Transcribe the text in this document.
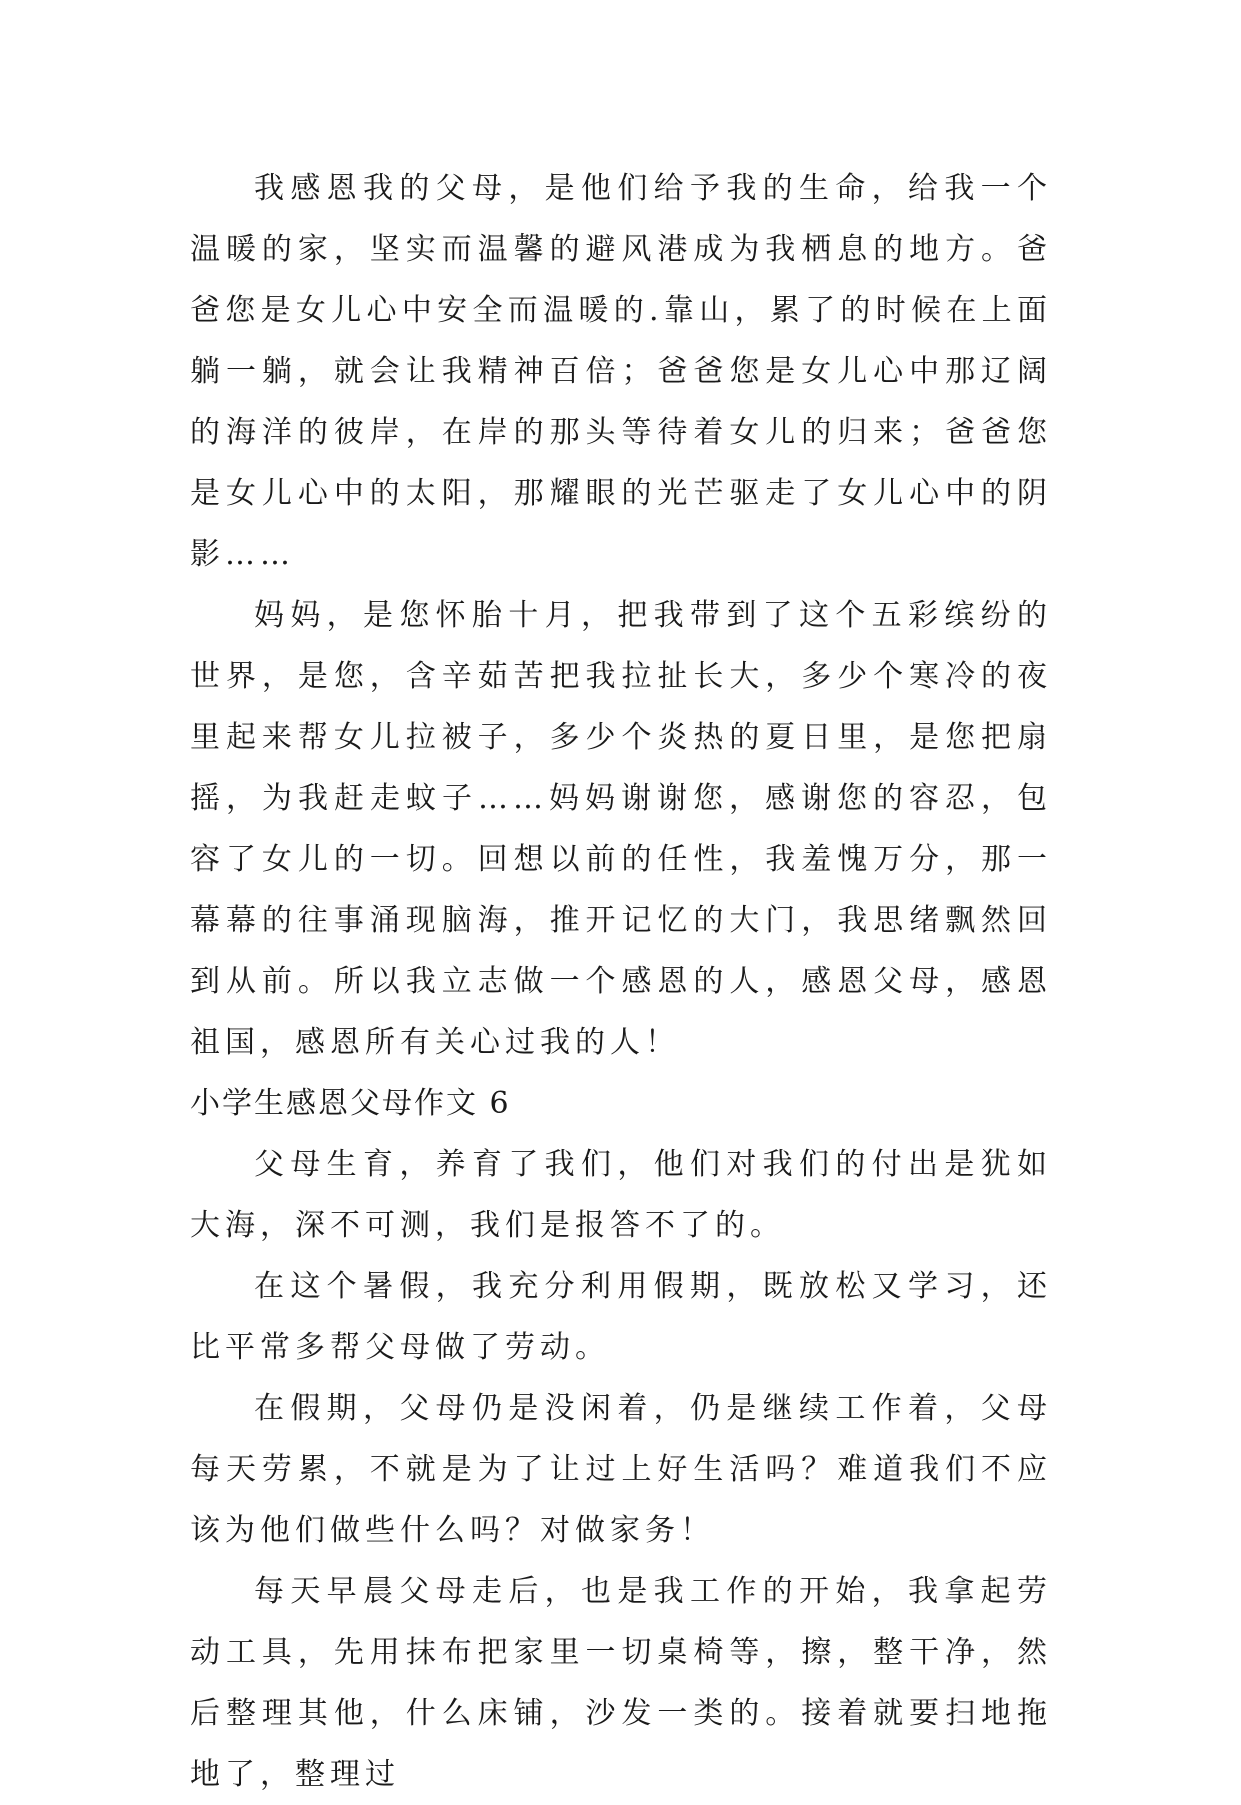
我感恩我的父母，是他们给予我的生命，给我一个温暖的家，坚实而温馨的避风港成为我栖息的地方。爸爸您是女儿心中安全而温暖的.靠山，累了的时候在上面躺一躺，就会让我精神百倍；爸爸您是女儿心中那辽阔的海洋的彼岸，在岸的那头等待着女儿的归来；爸爸您是女儿心中的太阳，那耀眼的光芒驱走了女儿心中的阴影……

妈妈，是您怀胎十月，把我带到了这个五彩缤纷的世界，是您，含辛茹苦把我拉扯长大，多少个寒冷的夜里起来帮女儿拉被子，多少个炎热的夏日里，是您把扇摇，为我赶走蚊子……妈妈谢谢您，感谢您的容忍，包容了女儿的一切。回想以前的任性，我羞愧万分，那一幕幕的往事涌现脑海，推开记忆的大门，我思绪飘然回到从前。所以我立志做一个感恩的人，感恩父母，感恩祖国，感恩所有关心过我的人！

小学生感恩父母作文 6

父母生育，养育了我们，他们对我们的付出是犹如大海，深不可测，我们是报答不了的。

在这个暑假，我充分利用假期，既放松又学习，还比平常多帮父母做了劳动。

在假期，父母仍是没闲着，仍是继续工作着，父母每天劳累，不就是为了让过上好生活吗？难道我们不应该为他们做些什么吗？对做家务！

每天早晨父母走后，也是我工作的开始，我拿起劳动工具，先用抹布把家里一切桌椅等，擦，整干净，然后整理其他，什么床铺，沙发一类的。接着就要扫地拖地了，整理过
